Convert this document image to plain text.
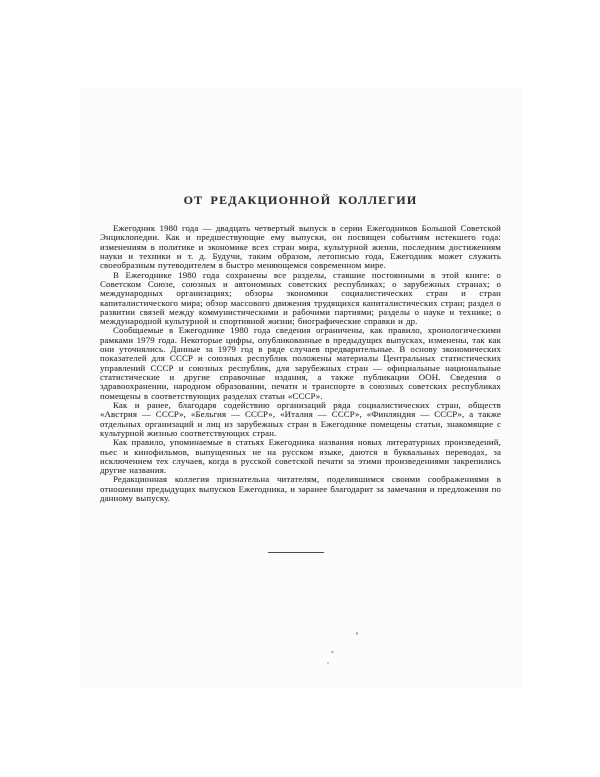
ОТ РЕДАКЦИОННОЙ КОЛЛЕГИИ

Ежегодник 1980 года — двадцать четвертый выпуск в серии Ежегодников Большой Советской Энциклопедии. Как и предшествующие ему выпуски, он посвящен событиям истекшего года: изменениям в политике и экономике всех стран мира, культурной жизни, последним достижениям науки и техники и т. д. Будучи, таким образом, летописью года, Ежегодник может служить своеобразным путеводителем в быстро меняющемся современном мире.

В Ежегоднике 1980 года сохранены все разделы, ставшие постоянными в этой книге: о Советском Союзе, союзных и автономных советских республиках; о зарубежных странах; о международных организациях; обзоры экономики социалистических стран и стран капиталистического мира; обзор массового движения трудящихся капиталистических стран; раздел о развитии связей между коммунистическими и рабочими партиями; разделы о науке и технике; о международной культурной и спортивной жизни; биографические справки и др.

Сообщаемые в Ежегоднике 1980 года сведения ограничены, как правило, хронологическими рамками 1979 года. Некоторые цифры, опубликованные в предыдущих выпусках, изменены, так как они уточнялись. Данные за 1979 год в ряде случаев предварительные. В основу экономических показателей для СССР и союзных республик положены материалы Центральных статистических управлений СССР и союзных республик, для зарубежных стран — официальные национальные статистические и другие справочные издания, а также публикации ООН. Сведения о здравоохранении, народном образовании, печати и транспорте в союзных советских республиках помещены в соответствующих разделах статьи «СССР».

Как и ранее, благодаря содействию организаций ряда социалистических стран, обществ «Австрия — СССР», «Бельгия — СССР», «Италия — СССР», «Финляндия — СССР», а также отдельных организаций и лиц из зарубежных стран в Ежегоднике помещены статьи, знакомящие с культурной жизнью соответствующих стран.

Как правило, упоминаемые в статьях Ежегодника названия новых литературных произведений, пьес и кинофильмов, выпущенных не на русском языке, даются в буквальных переводах, за исключением тех случаев, когда в русской советской печати за этими произведениями закрепились другие названия.

Редакционная коллегия признательна читателям, поделившимся своими соображениями в отношении предыдущих выпусков Ежегодника, и заранее благодарит за замечания и предложения по данному выпуску.
